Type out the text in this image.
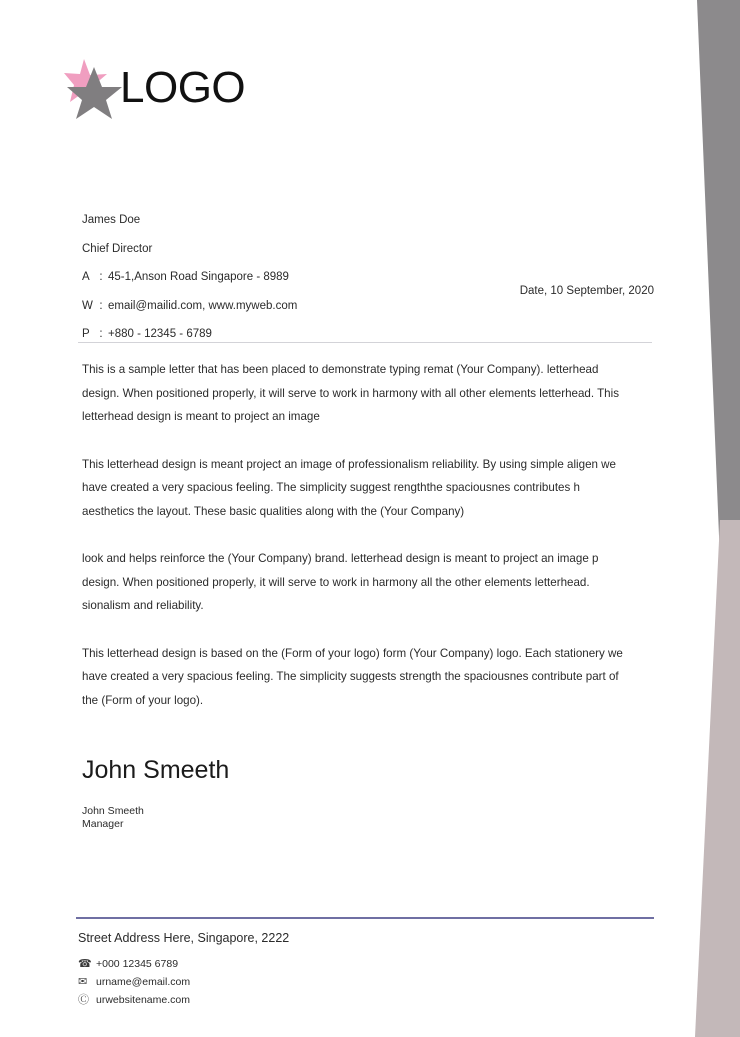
LOGO
James Doe
Chief Director
A : 45-1,Anson Road Singapore - 8989
W : email@mailid.com, www.myweb.com
P : +880 - 12345 - 6789
Date, 10 September, 2020

This is a sample letter that has been placed to demonstrate typing remat (Your Company). letterhead design. When positioned properly, it will serve to work in harmony with all other elements letterhead. This letterhead design is meant to project an image

This letterhead design is meant project an image of professionalism reliability. By using simple aligen we have created a very spacious feeling. The simplicity suggest rengththe spaciousnes contributes h aesthetics the layout. These basic qualities along with the (Your Company)

look and helps reinforce the (Your Company) brand. letterhead design is meant to project an image p design. When positioned properly, it will serve to work in harmony all the other elements letterhead. sionalism and reliability.

This letterhead design is based on the (Form of your logo) form (Your Company) logo. Each stationery we have created a very spacious feeling. The simplicity suggests strength the spaciousnes contribute part of the (Form of your logo).

John Smeeth
John Smeeth
Manager
Street Address Here, Singapore, 2222
☎ +000 12345 6789
✉ urname@email.com
Ⓒ urwebsitename.com
